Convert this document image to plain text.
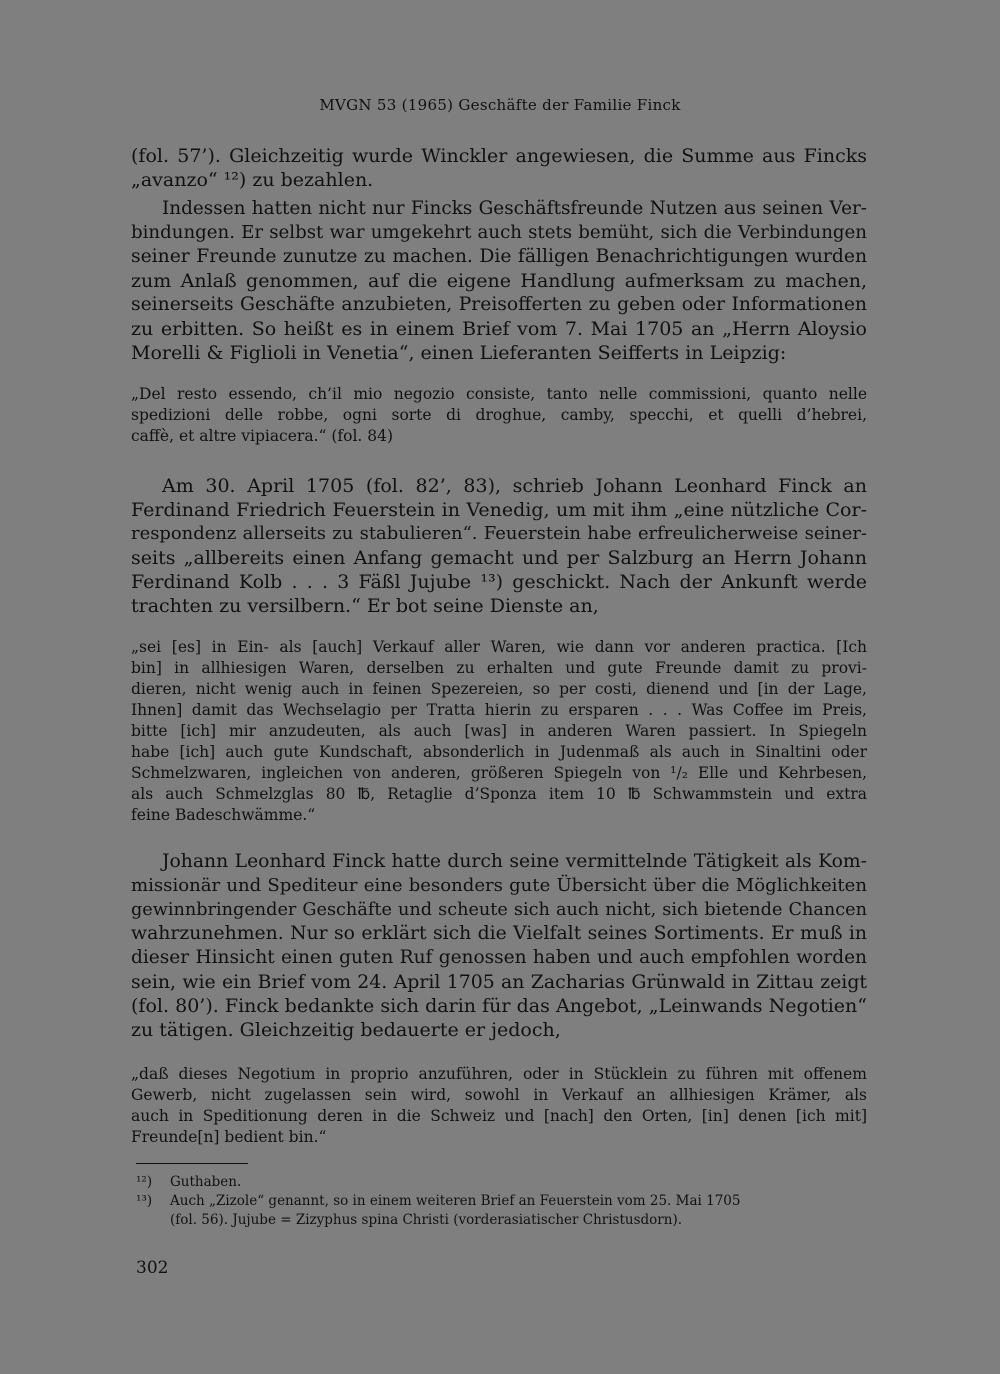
MVGN 53 (1965) Geschäfte der Familie Finck
(fol. 57’). Gleichzeitig wurde Winckler angewiesen, die Summe aus Fincks
„avanzo“ ¹²) zu bezahlen.
Indessen hatten nicht nur Fincks Geschäftsfreunde Nutzen aus seinen Ver-
bindungen. Er selbst war umgekehrt auch stets bemüht, sich die Verbindungen
seiner Freunde zunutze zu machen. Die fälligen Benachrichtigungen wurden
zum Anlaß genommen, auf die eigene Handlung aufmerksam zu machen,
seinerseits Geschäfte anzubieten, Preisofferten zu geben oder Informationen
zu erbitten. So heißt es in einem Brief vom 7. Mai 1705 an „Herrn Aloysio
Morelli & Figlioli in Venetia“, einen Lieferanten Seifferts in Leipzig:
„Del resto essendo, ch’il mio negozio consiste, tanto nelle commissioni, quanto nelle
spedizioni delle robbe, ogni sorte di droghue, camby, specchi, et quelli d’hebrei,
caffè, et altre vipiacera.“ (fol. 84)
Am 30. April 1705 (fol. 82’, 83), schrieb Johann Leonhard Finck an
Ferdinand Friedrich Feuerstein in Venedig, um mit ihm „eine nützliche Cor-
respondenz allerseits zu stabulieren“. Feuerstein habe erfreulicherweise seiner-
seits „allbereits einen Anfang gemacht und per Salzburg an Herrn Johann
Ferdinand Kolb . . . 3 Fäßl Jujube ¹³) geschickt. Nach der Ankunft werde
trachten zu versilbern.“ Er bot seine Dienste an,
„sei [es] in Ein- als [auch] Verkauf aller Waren, wie dann vor anderen practica. [Ich
bin] in allhiesigen Waren, derselben zu erhalten und gute Freunde damit zu provi-
dieren, nicht wenig auch in feinen Spezereien, so per costi, dienend und [in der Lage,
Ihnen] damit das Wechselagio per Tratta hierin zu ersparen . . . Was Coffee im Preis,
bitte [ich] mir anzudeuten, als auch [was] in anderen Waren passiert. In Spiegeln
habe [ich] auch gute Kundschaft, absonderlich in Judenmaß als auch in Sinaltini oder
Schmelzwaren, ingleichen von anderen, größeren Spiegeln von ¹/₂ Elle und Kehrbesen,
als auch Schmelzglas 80 ℔, Retaglie d’Sponza item 10 ℔ Schwammstein und extra
feine Badeschwämme.“
Johann Leonhard Finck hatte durch seine vermittelnde Tätigkeit als Kom-
missionär und Spediteur eine besonders gute Übersicht über die Möglichkeiten
gewinnbringender Geschäfte und scheute sich auch nicht, sich bietende Chancen
wahrzunehmen. Nur so erklärt sich die Vielfalt seines Sortiments. Er muß in
dieser Hinsicht einen guten Ruf genossen haben und auch empfohlen worden
sein, wie ein Brief vom 24. April 1705 an Zacharias Grünwald in Zittau zeigt
(fol. 80’). Finck bedankte sich darin für das Angebot, „Leinwands Negotien“
zu tätigen. Gleichzeitig bedauerte er jedoch,
„daß dieses Negotium in proprio anzuführen, oder in Stücklein zu führen mit offenem
Gewerb, nicht zugelassen sein wird, sowohl in Verkauf an allhiesigen Krämer, als
auch in Speditionung deren in die Schweiz und [nach] den Orten, [in] denen [ich mit]
Freunde[n] bedient bin.“
¹²) Guthaben.
¹³) Auch „Zizole“ genannt, so in einem weiteren Brief an Feuerstein vom 25. Mai 1705
(fol. 56). Jujube = Zizyphus spina Christi (vorderasiatischer Christusdorn).
302
